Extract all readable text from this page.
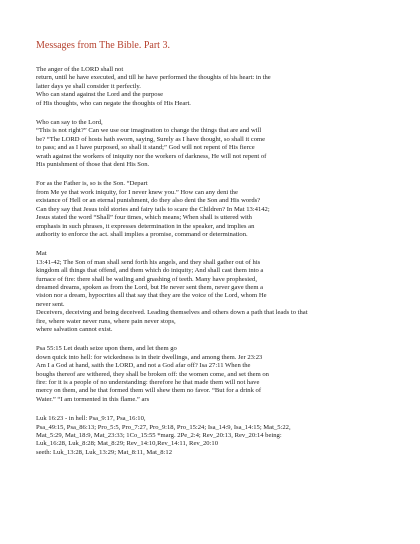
Messages from The Bible. Part 3.

The anger of the LORD shall not
return, until he have executed, and till he have performed the thoughts of his heart: in the
latter days ye shall consider it perfectly.
Who can stand against the Lord and the purpose
of His thoughts, who can negate the thoughts of His Heart.

Who can say to the Lord,
“This is not right?” Can we use our imagination to change the things that are and will
be? “The LORD of hosts hath sworn, saying, Surely as I have thought, so shall it come
to pass; and as I have purposed, so shall it stand;” God will not repent of His fierce
wrath against the workers of iniquity nor the workers of darkness, He will not repent of
His punishment of those that deni His Son.

For as the Father is, so is the Son. “Depart
from Me ye that work iniquity, for I never knew you.” How can any deni the
existance of Hell or an eternal punishment, do they also deni the Son and His words?
Can they say that Jesus told stories and fairy tails to scare the Children? In Mat 13:4142;
Jesus stated the word “Shall” four times, which means; When shall is uttered with
emphasis in such phrases, it expresses determination in the speaker, and implies an
authority to enforce the act. shall implies a promise, command or determination.

Mat
13:41-42; The Son of man shall send forth his angels, and they shall gather out of his
kingdom all things that offend, and them which do iniquity; And shall cast them into a
furnace of fire: there shall be wailing and gnashing of teeth. Many have prophesied,
dreamed dreams, spoken as from the Lord, but He never sent them, never gave them a
vision nor a dream, hypocrites all that say that they are the voice of the Lord, whom He
never sent.
Deceivers, deceiving and being deceived. Leading themselves and others down a path that leads to that
fire, where water never runs, where pain never stops,
where salvation cannot exist.

Psa 55:15 Let death seize upon them, and let them go
down quick into hell: for wickedness is in their dwellings, and among them. Jer 23:23
Am I a God at hand, saith the LORD, and not a God afar off? Isa 27:11 When the
boughs thereof are withered, they shall be broken off: the women come, and set them on
fire: for it is a people of no understanding: therefore he that made them will not have
mercy on them, and he that formed them will shew them no favor. “But for a drink of
Water.” “I am tormented in this flame.” ars

Luk 16:23 - in hell: Psa_9:17, Psa_16:10,
Psa_49:15, Psa_86:13; Pro_5:5, Pro_7:27, Pro_9:18, Pro_15:24; Isa_14:9, Isa_14:15; Mat_5:22,
Mat_5:29, Mat_18:9, Mat_23:33; 1Co_15:55 *marg. 2Pe_2:4; Rev_20:13, Rev_20:14 being:
Luk_16:28, Luk_8:28; Mat_8:29; Rev_14:10,Rev_14:11, Rev_20:10
seeth: Luk_13:28, Luk_13:29; Mat_8:11, Mat_8:12
